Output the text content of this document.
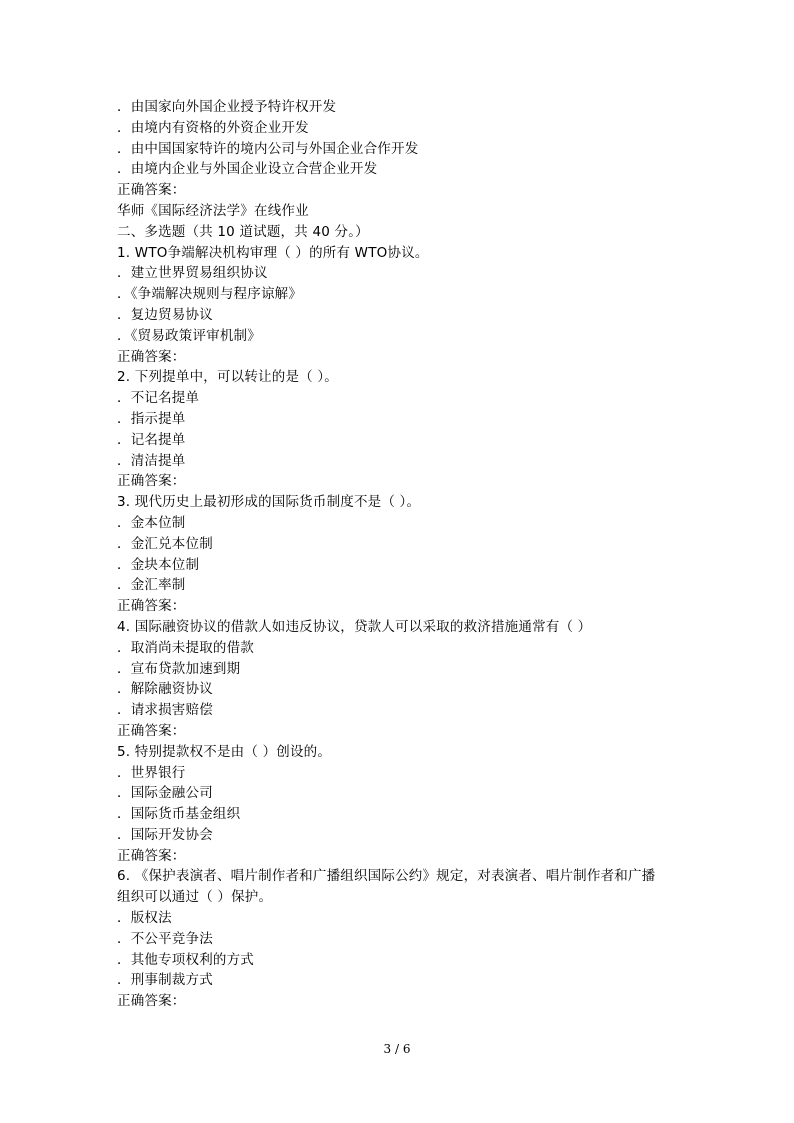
．由国家向外国企业授予特许权开发
．由境内有资格的外资企业开发
．由中国国家特许的境内公司与外国企业合作开发
．由境内企业与外国企业设立合营企业开发
正确答案：
华师《国际经济法学》在线作业
二、多选题（共 10 道试题，共 40 分。）
1. WTO争端解决机构审理（ ）的所有 WTO协议。
．建立世界贸易组织协议
．《争端解决规则与程序谅解》
．复边贸易协议
．《贸易政策评审机制》
正确答案：
2. 下列提单中，可以转让的是（ ）。
．不记名提单
．指示提单
．记名提单
．清洁提单
正确答案：
3. 现代历史上最初形成的国际货币制度不是（ ）。
．金本位制
．金汇兑本位制
．金块本位制
．金汇率制
正确答案：
4. 国际融资协议的借款人如违反协议，贷款人可以采取的救济措施通常有（ ）
．取消尚未提取的借款
．宣布贷款加速到期
．解除融资协议
．请求损害赔偿
正确答案：
5. 特别提款权不是由（ ）创设的。
．世界银行
．国际金融公司
．国际货币基金组织
．国际开发协会
正确答案：
6. 《保护表演者、唱片制作者和广播组织国际公约》规定，对表演者、唱片制作者和广播
组织可以通过（ ）保护。
．版权法
．不公平竞争法
．其他专项权利的方式
．刑事制裁方式
正确答案：
3 / 6
